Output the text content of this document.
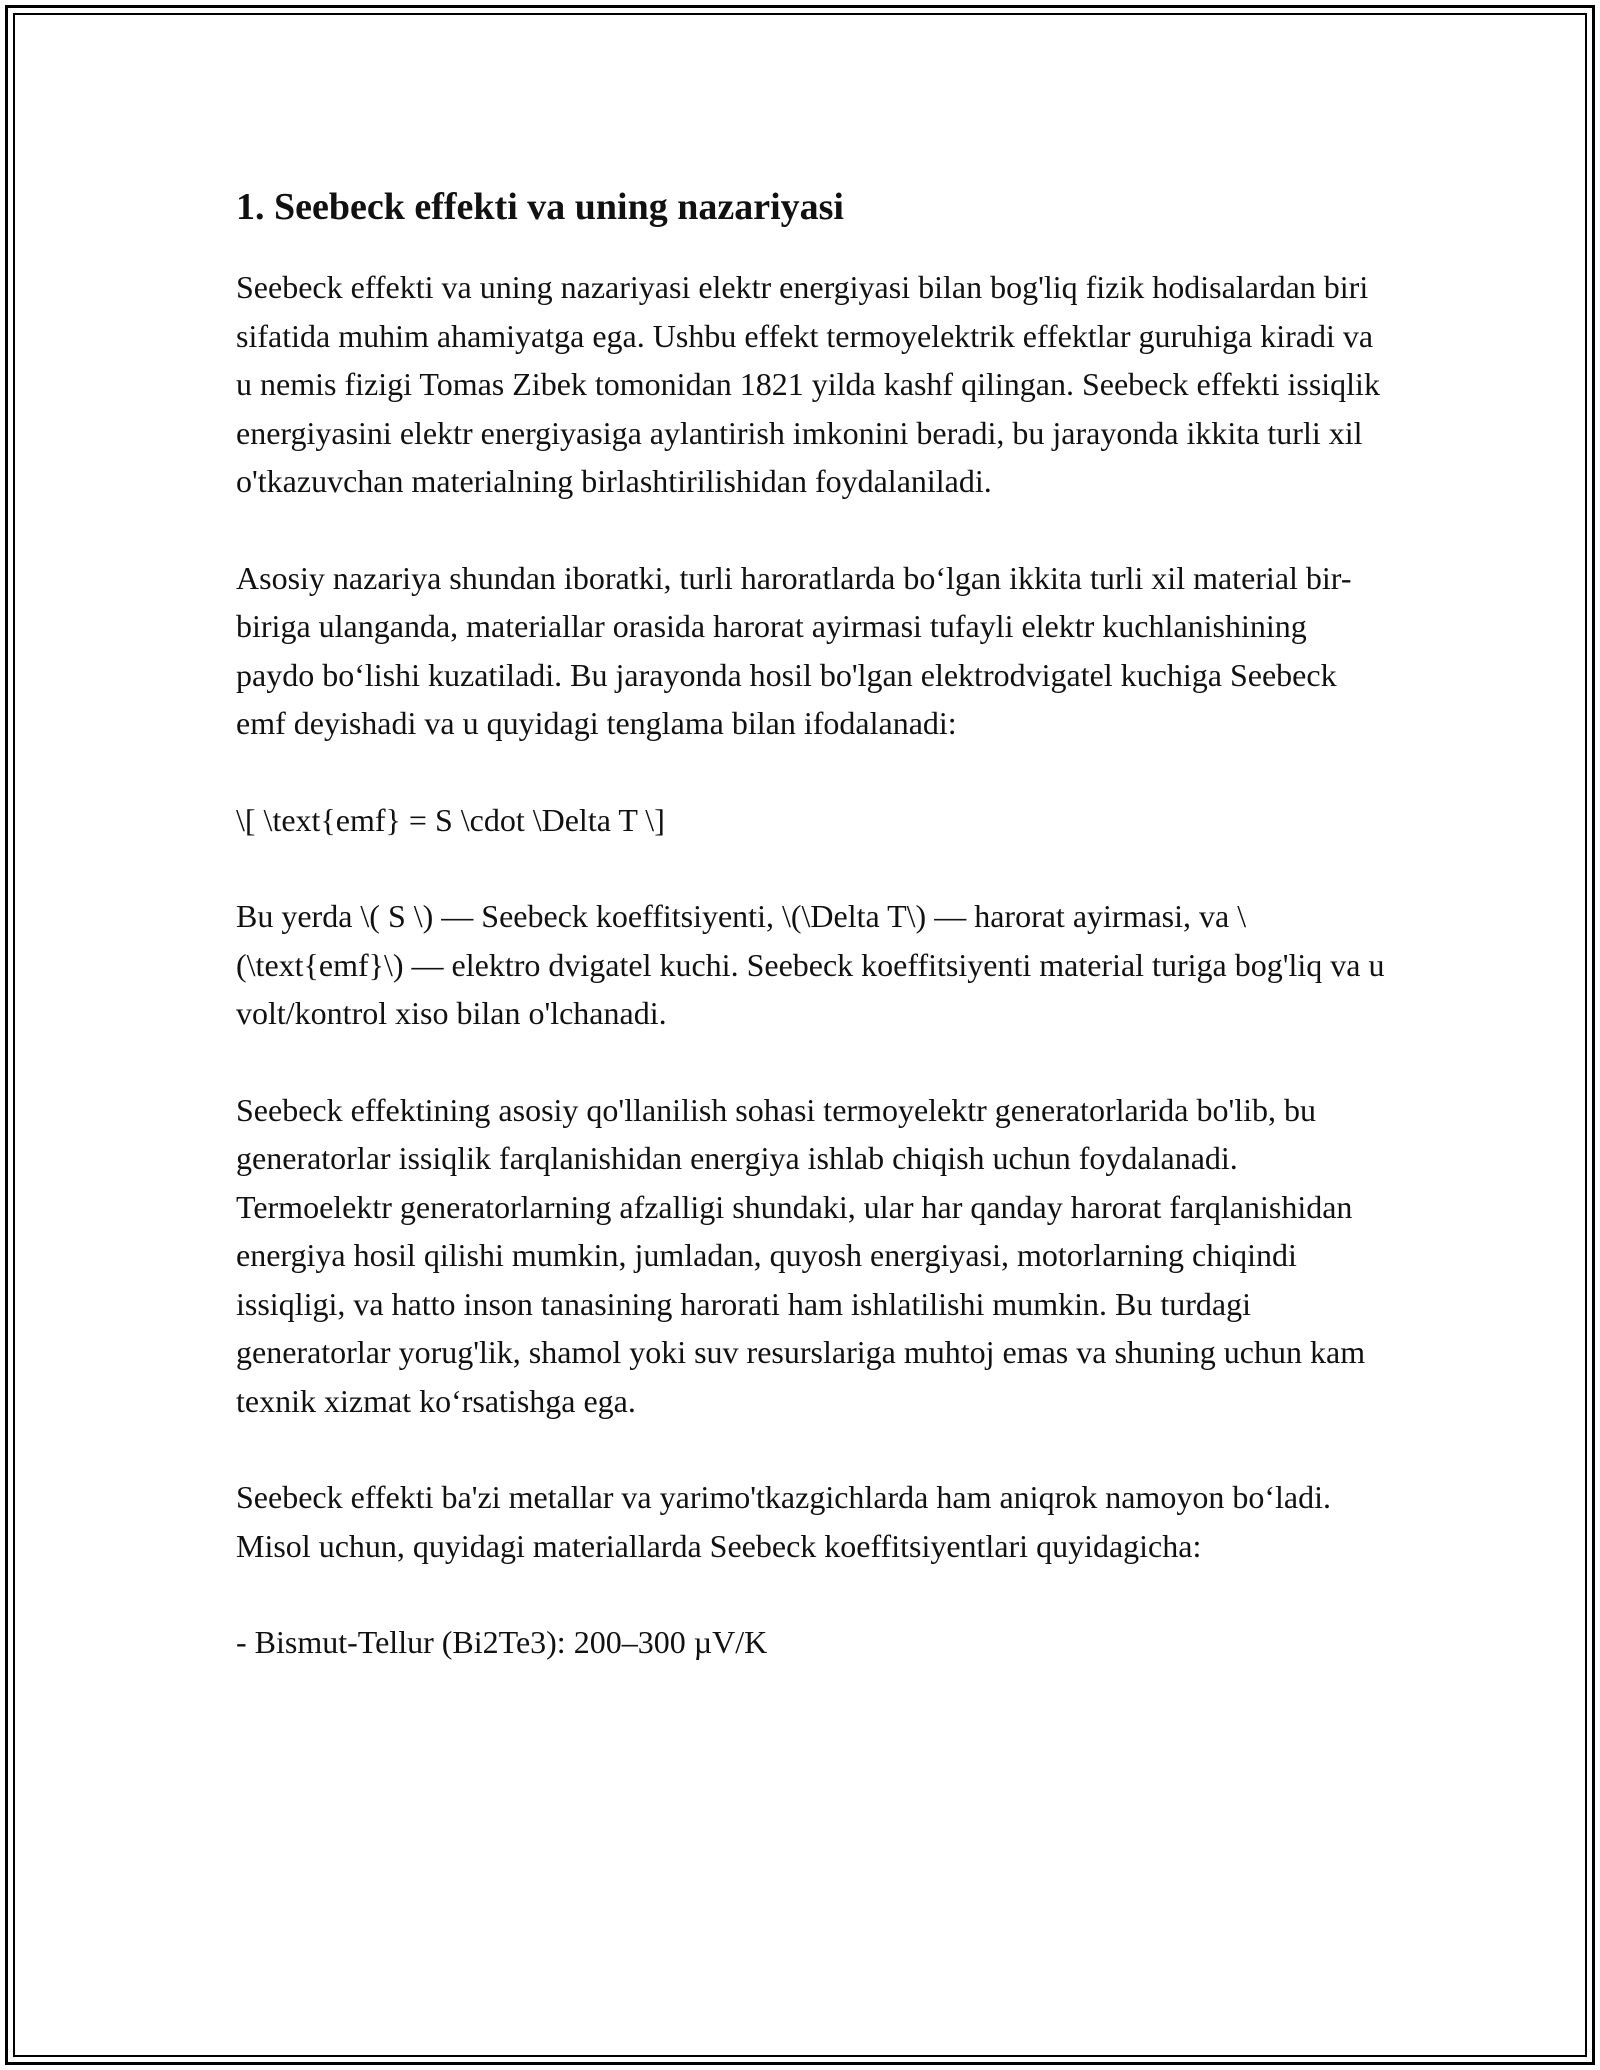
1. Seebeck effekti va uning nazariyasi

Seebeck effekti va uning nazariyasi elektr energiyasi bilan bog'liq fizik hodisalardan biri sifatida muhim ahamiyatga ega. Ushbu effekt termoyelektrik effektlar guruhiga kiradi va u nemis fizigi Tomas Zibek tomonidan 1821 yilda kashf qilingan. Seebeck effekti issiqlik energiyasini elektr energiyasiga aylantirish imkonini beradi, bu jarayonda ikkita turli xil o'tkazuvchan materialning birlashtirilishidan foydalaniladi.

Asosiy nazariya shundan iboratki, turli haroratlarda bo‘lgan ikkita turli xil material bir-biriga ulanganda, materiallar orasida harorat ayirmasi tufayli elektr kuchlanishining paydo bo‘lishi kuzatiladi. Bu jarayonda hosil bo'lgan elektrodvigatel kuchiga Seebeck emf deyishadi va u quyidagi tenglama bilan ifodalanadi:

\[ \text{emf} = S \cdot \Delta T \]

Bu yerda \( S \) — Seebeck koeffitsiyenti, \(\Delta T\) — harorat ayirmasi, va \(\text{emf}\) — elektro dvigatel kuchi. Seebeck koeffitsiyenti material turiga bog'liq va u volt/kontrol xiso bilan o'lchanadi.

Seebeck effektining asosiy qo'llanilish sohasi termoyelektr generatorlarida bo'lib, bu generatorlar issiqlik farqlanishidan energiya ishlab chiqish uchun foydalanadi. Termoelektr generatorlarning afzalligi shundaki, ular har qanday harorat farqlanishidan energiya hosil qilishi mumkin, jumladan, quyosh energiyasi, motorlarning chiqindi issiqligi, va hatto inson tanasining harorati ham ishlatilishi mumkin. Bu turdagi generatorlar yorug'lik, shamol yoki suv resurslariga muhtoj emas va shuning uchun kam texnik xizmat ko‘rsatishga ega.

Seebeck effekti ba'zi metallar va yarimo'tkazgichlarda ham aniqrok namoyon bo‘ladi. Misol uchun, quyidagi materiallarda Seebeck koeffitsiyentlari quyidagicha:

- Bismut-Tellur (Bi2Te3): 200–300 µV/K
